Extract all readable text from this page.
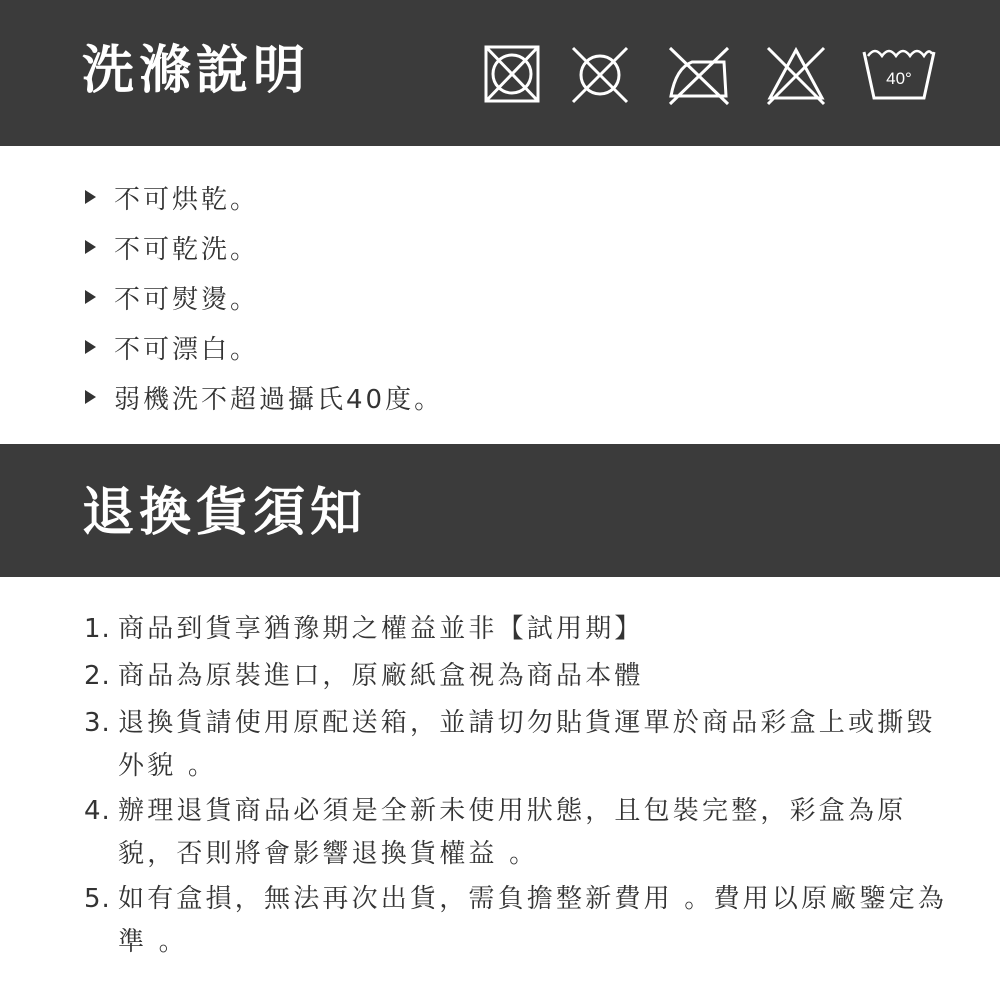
洗滌說明	40°
不可烘乾。
不可乾洗。
不可熨燙。
不可漂白。
弱機洗不超過攝氏40度。
退換貨須知
1. 商品到貨享猶豫期之權益並非【試用期】
2. 商品為原裝進口，原廠紙盒視為商品本體
3. 退換貨請使用原配送箱，並請切勿貼貨運單於商品彩盒上或撕毀外貌 。
4. 辦理退貨商品必須是全新未使用狀態，且包裝完整，彩盒為原貌，否則將會影響退換貨權益 。
5. 如有盒損，無法再次出貨，需負擔整新費用 。費用以原廠鑒定為準 。
